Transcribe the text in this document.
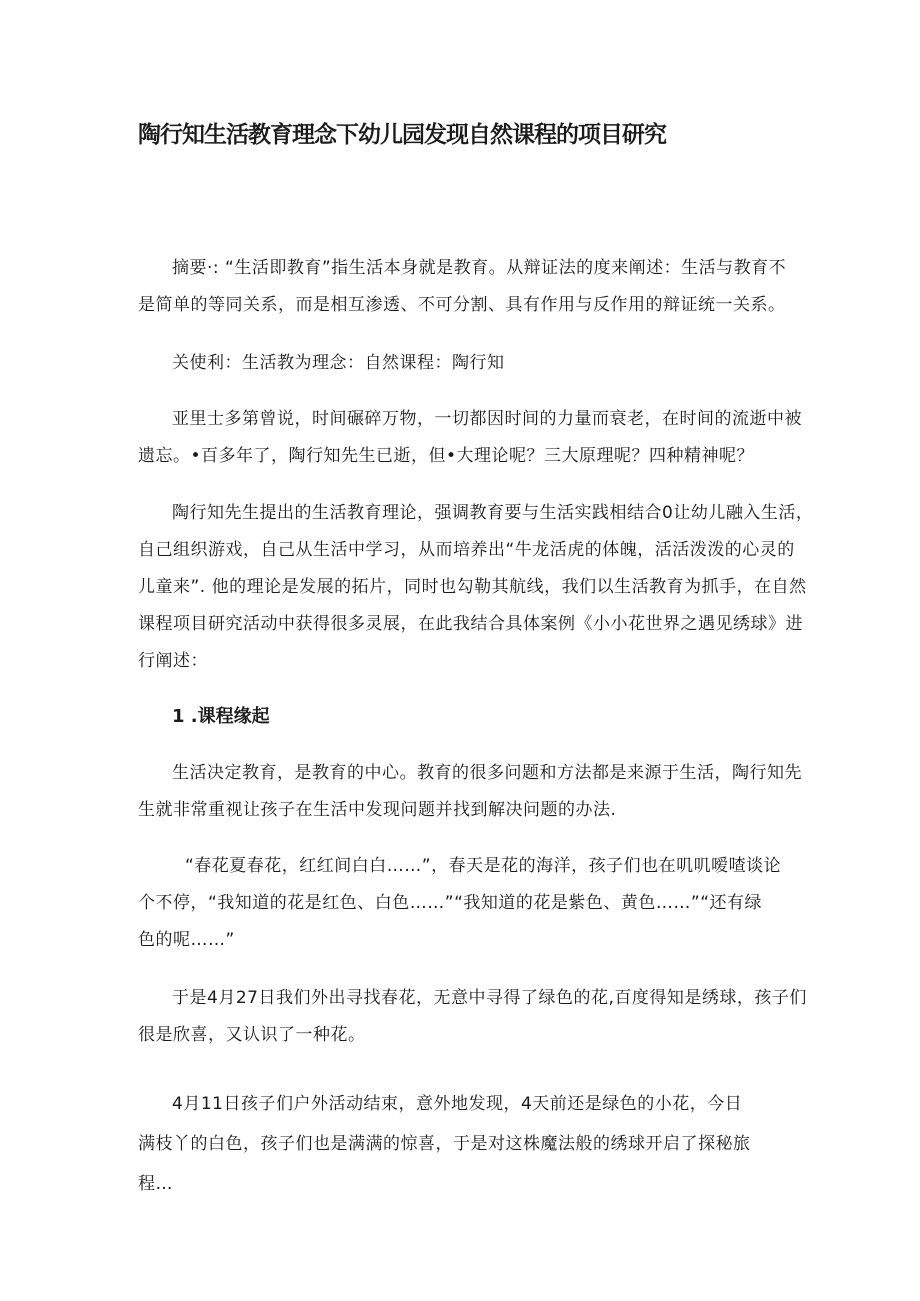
陶行知生活教育理念下幼儿园发现自然课程的项目研究
摘要·: “生活即教育”指生活本身就是教育。从辩证法的度来阐述：生活与教育不
是简单的等同关系，而是相互渗透、不可分割、具有作用与反作用的辩证统一关系。
关使利：生活教为理念：自然课程：陶行知
亚里士多第曾说，时间碾碎万物，一切都因时间的力量而衰老，在时间的流逝中被
遗忘。•百多年了，陶行知先生已逝，但•大理论呢？三大原理呢？四种精神呢？
陶行知先生提出的生活教育理论，强调教育要与生活实践相结合0让幼儿融入生活，
自己组织游戏，自己从生活中学习，从而培养出“牛龙活虎的体魄，活活泼泼的心灵的
儿童来”. 他的理论是发展的拓片，同时也勾勒其航线，我们以生活教育为抓手，在自然
课程项目研究活动中获得很多灵展，在此我结合具体案例《小小花世界之遇见绣球》进
行阐述：
1 .课程缘起
生活决定教育，是教育的中心。教育的很多问题和方法都是来源于生活，陶行知先
生就非常重视让孩子在生活中发现问题并找到解决问题的办法.
“春花夏春花，红红间白白……”，春天是花的海洋，孩子们也在叽叽嗳喳谈论
个不停，“我知道的花是红色、白色……”“我知道的花是紫色、黄色……”“还有绿
色的呢……”
于是4月27日我们外出寻找春花，无意中寻得了绿色的花,百度得知是绣球，孩子们
很是欣喜，又认识了一种花。
4月11日孩子们户外活动结束，意外地发现，4天前还是绿色的小花，今日
满枝丫的白色，孩子们也是满满的惊喜，于是对这株魔法般的绣球开启了探秘旅
程…
